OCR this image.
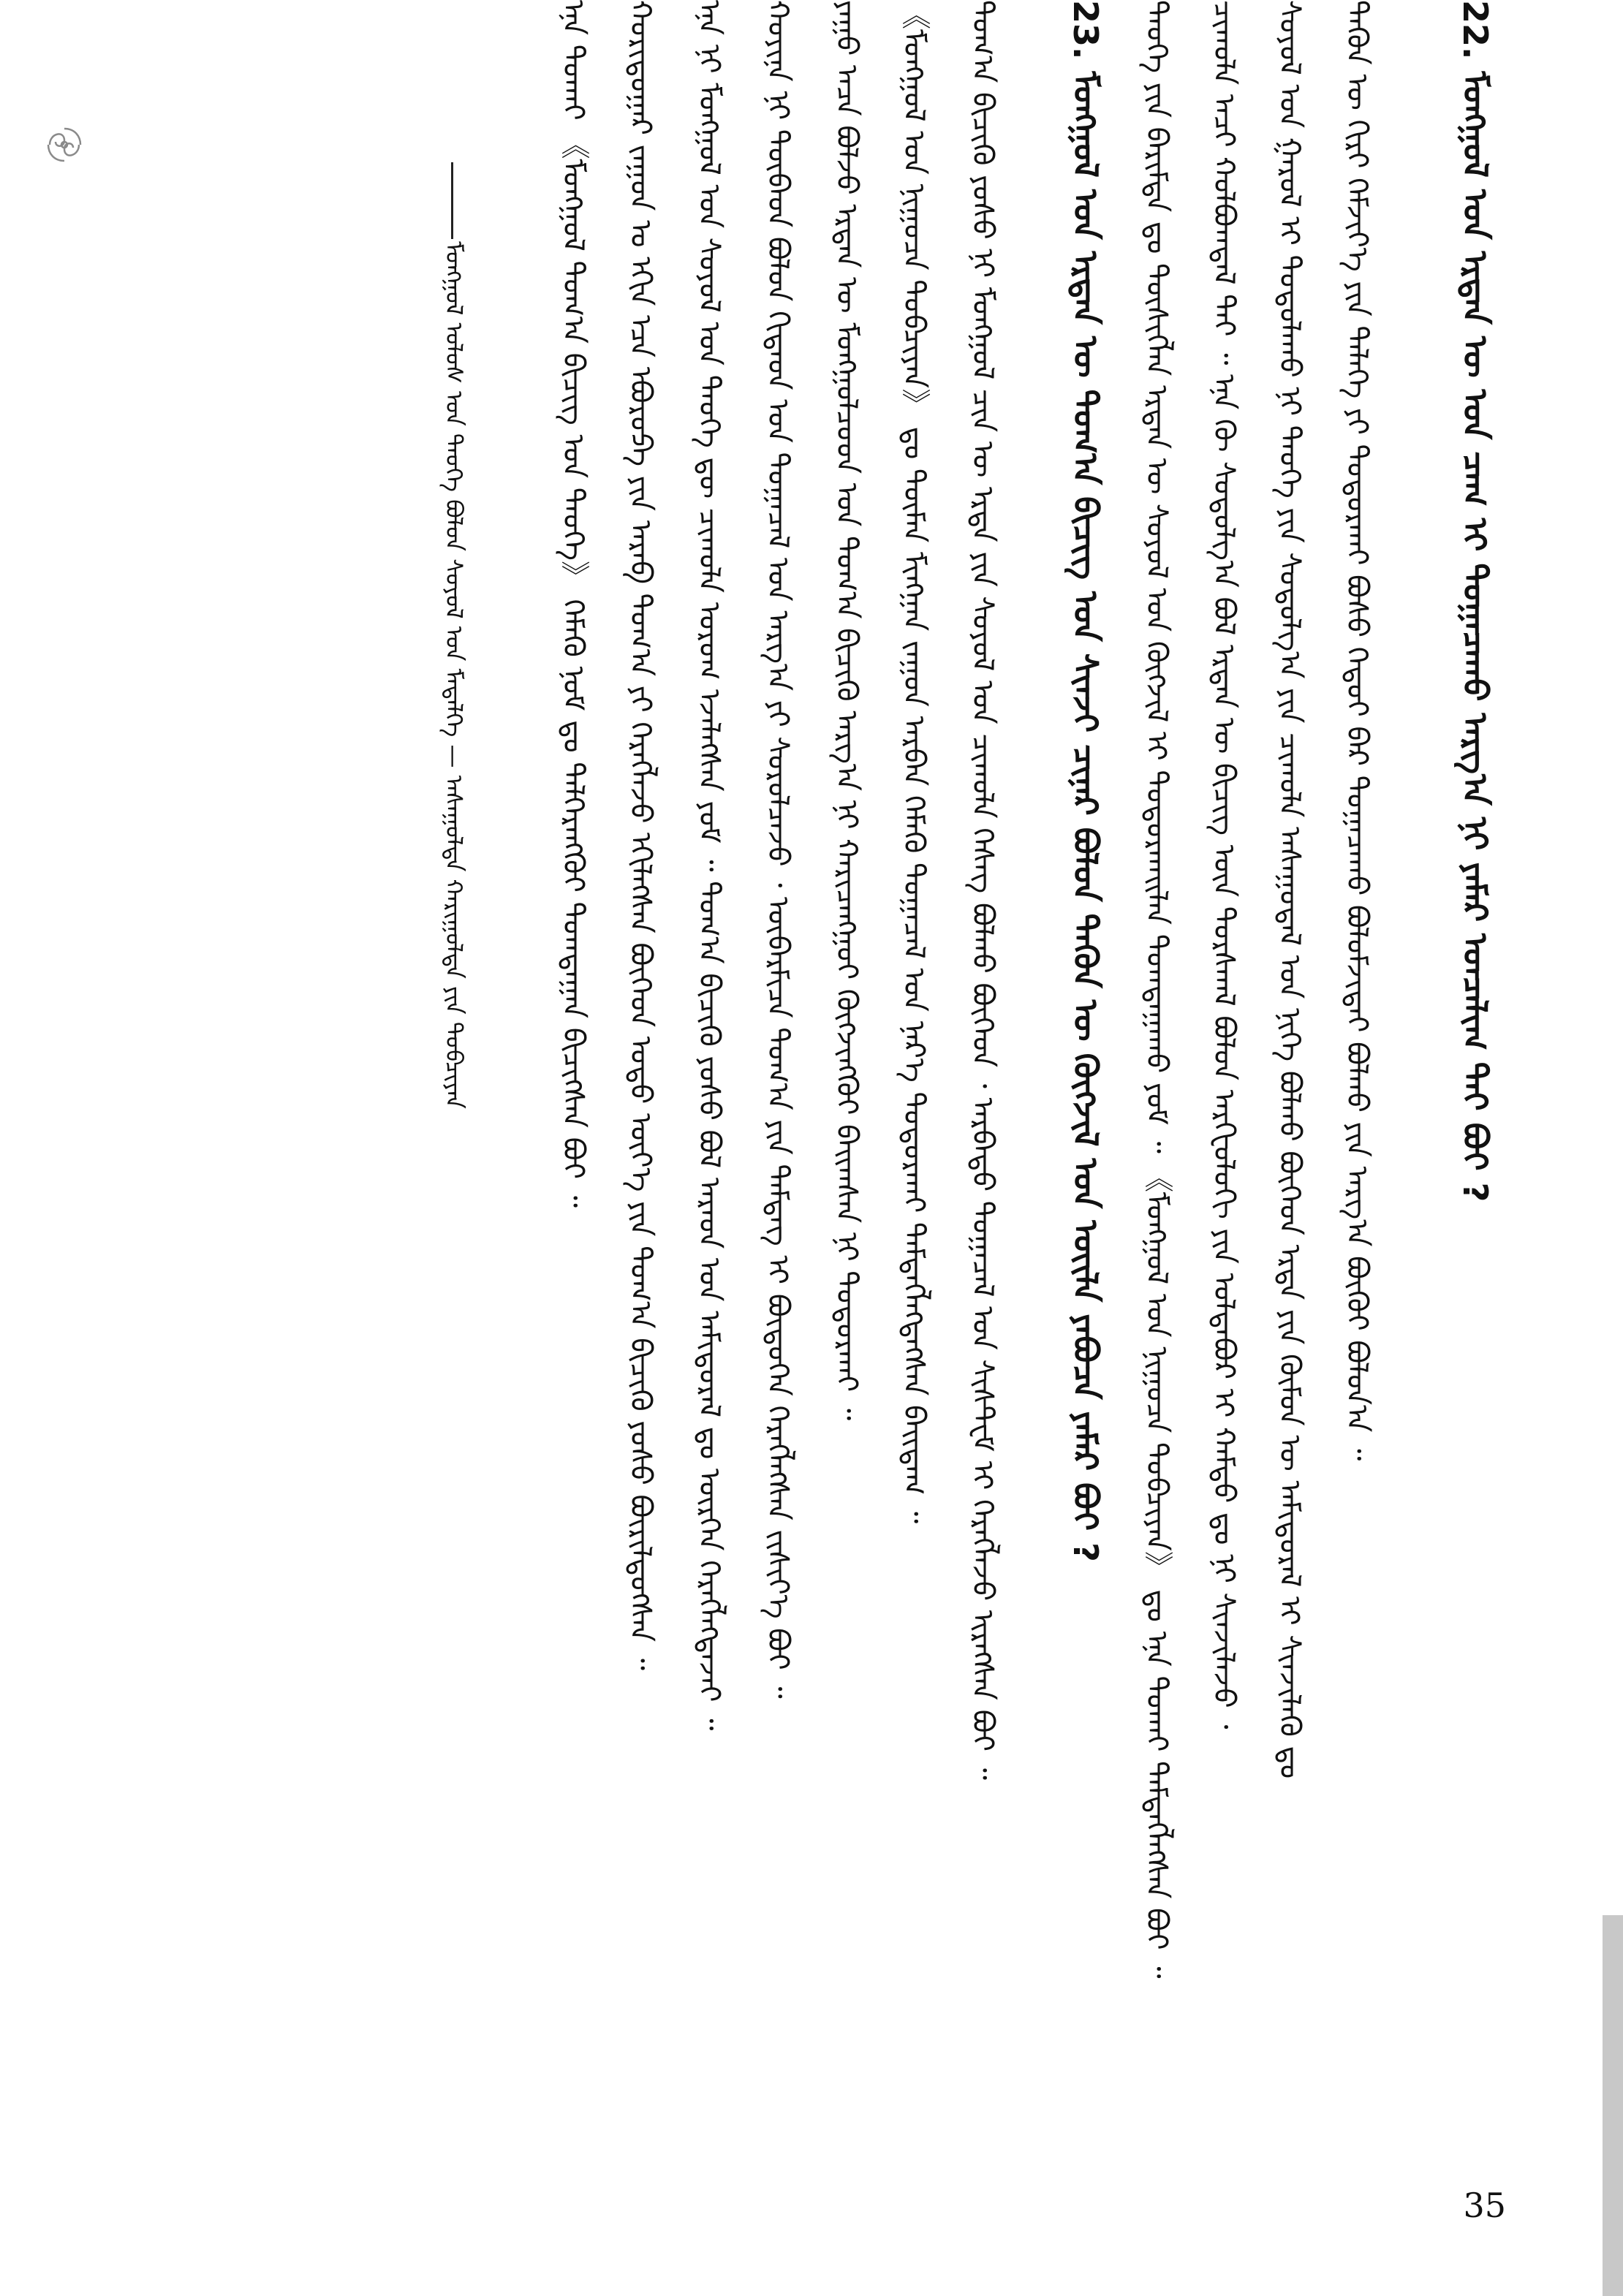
ᠮᠣᠩᠭᠣᠯ ᠤᠯᠤᠰ ᠤᠨ ᠲᠡᠦᠬᠡ ᠪᠣᠯᠤᠨ ᠰᠣᠶᠣᠯ ᠤᠨ ᠮᠡᠳᠡᠯᠭᠡ — ᠠᠰᠠᠭᠤᠯᠲᠠ ᠬᠠᠷᠢᠭᠤᠯᠲᠠ ᠶᠢᠨ ᠲᠣᠪᠴᠢᠶᠠᠨ	ᠲᠡᠭᠦᠨ ᠦ ᠬᠢᠷᠢ ᠬᠡᠮᠵᠢᠶ᠎ᠡ ᠶᠢᠨ ᠲᠡᠯᠡᠭᠡ ᠶᠢ ᠲᠣᠳᠣᠷᠬᠠᠢ ᠪᠤᠰᠤ ᠬᠡᠳᠦᠢ ᠪᠡᠷ ᠲᠣᠭᠠᠴᠠᠬᠤ ᠪᠣᠯᠤᠮᠵᠢᠲᠠᠢ ᠪᠣᠯᠬᠤ ᠶᠢᠨ ᠠᠷᠭ᠎ᠠ ᠪᠦᠬᠦᠢ ᠪᠣᠯᠤᠨ᠎ᠠ ᠃
ᠰᠣᠶᠣᠯ ᠤᠨ ᠭᠠᠷᠤᠯ ᠢ ᠲᠣᠳᠣᠯᠠᠬᠤ ᠨᠢ ᠲᠡᠦᠬᠡ ᠶᠢᠨ ᠰᠤᠳᠤᠯᠭ᠎ᠠ ᠶᠢᠨ ᠴᠢᠬᠤᠯᠠ ᠠᠰᠠᠭᠤᠳᠠᠯ ᠤᠨ ᠨᠢᠭᠡ ᠪᠣᠯᠬᠤ ᠪᠥᠭᠡᠳ ᠡᠷᠲᠡ ᠶᠢᠨ ᠬᠦᠮᠦᠨ ᠦ ᠠᠮᠢᠳᠤᠷᠠᠯ ᠢ ᠰᠢᠨᠵᠢᠯᠡᠬᠦ ᠳᠤ
ᠴᠢᠬᠤᠯᠠ ᠠᠴᠢ ᠬᠣᠯᠪᠣᠭᠳᠠᠯ ᠲᠠᠢ ᠃ ᠡᠨᠡ ᠬᠦ ᠰᠤᠳᠤᠯᠭ᠎ᠠ ᠪᠣᠯ ᠡᠷᠲᠡᠨ ᠦ ᠪᠢᠴᠢᠭ ᠦᠨ ᠳᠤᠷᠰᠬᠠᠯ ᠪᠣᠯᠤᠨ ᠠᠷᠬᠧᠣᠯᠣᠭᠢ ᠶᠢᠨ ᠣᠯᠳᠠᠪᠤᠷ ᠢ ᠬᠠᠮᠲᠤ ᠳᠤ ᠨᠢ ᠰᠢᠨᠵᠢᠯᠡᠵᠦ ᠂
ᠲᠡᠦᠬᠡ ᠶᠢᠨ ᠪᠠᠷᠢᠮᠲᠠ ᠳᠤ ᠲᠦᠰᠢᠭᠯᠡᠨ ᠡᠷᠲᠡᠨ ᠦ ᠰᠣᠶᠣᠯ ᠤᠨ ᠬᠥᠭᠵᠢᠯ ᠢ ᠲᠣᠳᠣᠷᠬᠠᠢᠯᠠᠨ ᠲᠣᠭᠲᠠᠭᠠᠬᠤ ᠶᠤᠮ ᠃ 《ᠮᠣᠩᠭᠣᠯ ᠤᠨ ᠨᠢᠭᠤᠴᠠ ᠲᠣᠪᠴᠢᠶᠠᠨ》 ᠳᠤ ᠡᠨᠡ ᠲᠤᠬᠠᠢ ᠲᠡᠮᠳᠡᠭᠯᠡᠭᠰᠡᠨ ᠪᠣᠢ ᠃
23. ᠮᠣᠩᠭᠣᠯ ᠤᠨ ᠡᠷᠲᠡᠨ ᠦ ᠲᠣᠭ᠎ᠠ ᠪᠢᠴᠢᠭ ᠤᠨ ᠰᠢᠨᠵᠢ ᠴᠢᠨᠠᠷ ᠪᠣᠯᠤᠨ ᠲᠡᠭᠦᠨ ᠦ ᠬᠥᠭᠵᠢᠯ ᠤᠨ ᠦᠢᠯᠡ ᠶᠠᠪᠤᠴᠠ ᠶᠠᠮᠠᠷ ᠪᠤᠢ ?
ᠲᠣᠭ᠎ᠠ ᠪᠢᠴᠢᠬᠦ ᠶᠣᠰᠣ ᠨᠢ ᠮᠣᠩᠭᠣᠯ ᠴᠢᠨ ᠦ ᠡᠷᠲᠡ ᠶᠢᠨ ᠰᠣᠶᠣᠯ ᠤᠨ ᠴᠢᠬᠤᠯᠠ ᠬᠡᠰᠡᠭ ᠪᠣᠯᠬᠤ ᠪᠥᠭᠡᠳ ᠂ ᠠᠷᠪᠠᠲᠤ ᠲᠣᠭᠠᠴᠠᠯ ᠤᠨ ᠰᠢᠰᠲ᠋ᠧᠮ ᠢ ᠬᠡᠷᠡᠭᠯᠡᠵᠦ ᠢᠷᠡᠭᠰᠡᠨ ᠪᠣᠢ ᠃
《ᠮᠣᠩᠭᠣᠯ ᠤᠨ ᠨᠢᠭᠤᠴᠠ ᠲᠣᠪᠴᠢᠶᠠᠨ》 ᠳᠤ ᠲᠦᠮᠡᠨ ᠮᠢᠩᠭᠠᠨ ᠵᠠᠭᠤᠨ ᠠᠷᠪᠠᠨ ᠬᠡᠮᠡᠬᠦ ᠲᠣᠭᠠᠴᠠᠯ ᠤᠨ ᠨᠡᠷ᠎ᠡ ᠲᠣᠳᠣᠷᠬᠠᠢ ᠲᠡᠮᠳᠡᠭᠯᠡᠭᠳᠡᠭᠰᠡᠨ ᠪᠠᠢᠳᠠᠭ ᠃
ᠶᠠᠭᠤ ᠠᠴᠠ ᠪᠣᠯᠵᠤ ᠡᠷᠲᠡᠨ ᠦ ᠮᠣᠩᠭᠣᠯᠴᠤᠳ ᠤᠨ ᠲᠣᠭ᠎ᠠ ᠪᠢᠴᠢᠬᠦ ᠠᠷᠭ᠎ᠠ ᠨᠢ ᠬᠠᠷᠢᠴᠠᠩᠭᠤᠢ ᠬᠥᠭᠵᠢᠩᠭᠦᠢ ᠪᠠᠢᠭᠰᠠᠨ ᠨᠢ ᠲᠣᠳᠣᠷᠬᠠᠢ ᠃
ᠬᠣᠶᠢᠨᠠ ᠨᠢ ᠲᠥᠪᠡᠳ ᠪᠣᠯᠤᠨ ᠬᠢᠲᠠᠳ ᠤᠨ ᠲᠣᠭᠠᠴᠠᠯ ᠤᠨ ᠠᠷᠭ᠎ᠠ ᠶᠢ ᠰᠤᠷᠤᠯᠴᠠᠵᠤ ᠂ ᠥᠪᠡᠷᠮᠢᠴᠡ ᠲᠣᠭ᠎ᠠ ᠶᠢᠨ ᠲᠡᠮᠳᠡᠭ ᠢ ᠪᠦᠲᠦᠭᠡᠨ ᠬᠡᠷᠡᠭᠯᠡᠭᠰᠡᠨ ᠵᠢᠱᠢᠶ᠎ᠡ ᠪᠣᠢ ᠃
ᠡᠨᠡ ᠨᠢ ᠮᠣᠩᠭᠣᠯ ᠤᠨ ᠰᠣᠶᠣᠯ ᠤᠨ ᠲᠡᠦᠬᠡ ᠳᠦ ᠴᠢᠬᠤᠯᠠ ᠤᠷᠤᠭ ᠡᠵᠡᠯᠡᠭᠰᠡᠨ ᠶᠤᠮ ᠃ ᠲᠣᠭ᠎ᠠ ᠪᠢᠴᠢᠬᠦ ᠶᠣᠰᠣ ᠪᠣᠯ ᠠᠷᠠᠳ ᠤᠨ ᠠᠮᠢᠳᠤᠷᠠᠯ ᠳᠤ ᠥᠷᠭᠡᠨ ᠬᠡᠷᠡᠭᠯᠡᠭᠳᠡᠵᠡᠢ ᠃
ᠬᠣᠷᠢᠳᠤᠭᠠᠷ ᠵᠠᠭᠤᠨ ᠤ ᠡᠬᠢᠨ ᠡᠴᠡ ᠡᠪᠣᠷᠣᠫᠠ ᠶᠢᠨ ᠠᠷᠠᠪ ᠲᠣᠭ᠎ᠠ ᠶᠢ ᠬᠡᠷᠡᠭᠯᠡᠵᠦ ᠡᠬᠢᠯᠡᠭᠰᠡᠨ ᠪᠥᠭᠡᠳ ᠣᠳᠣ ᠦᠶ᠎ᠡ ᠶᠢᠨ ᠲᠣᠭ᠎ᠠ ᠪᠢᠴᠢᠬᠦ ᠶᠣᠰᠣ ᠪᠦᠷᠢᠯᠳᠦᠭᠰᠡᠨ ᠃
ᠡᠨᠡ ᠲᠤᠬᠠᠢ 《ᠮᠣᠩᠭᠣᠯ ᠲᠣᠭ᠎ᠠ ᠪᠢᠴᠢᠭ ᠤᠨ ᠲᠡᠦᠬᠡ》 ᠬᠡᠮᠡᠬᠦ ᠨᠣᠮ ᠳᠤ ᠳᠡᠯᠭᠡᠷᠡᠩᠭᠦᠢ ᠲᠣᠭᠲᠠᠭᠠᠨ ᠪᠢᠴᠢᠭᠰᠡᠨ ᠪᠣᠢ ᠃	22. ᠮᠣᠩᠭᠣᠯ ᠤᠨ ᠡᠷᠲᠡᠨ ᠦ ᠣᠨ ᠴᠠᠭ ᠢ ᠲᠣᠭᠠᠴᠠᠬᠤ ᠠᠷᠭ᠎ᠠ ᠨᠢ ᠶᠠᠮᠠᠷ ᠣᠨᠴᠠᠯᠢᠭ ᠲᠠᠢ ᠪᠤᠢ ?
35
